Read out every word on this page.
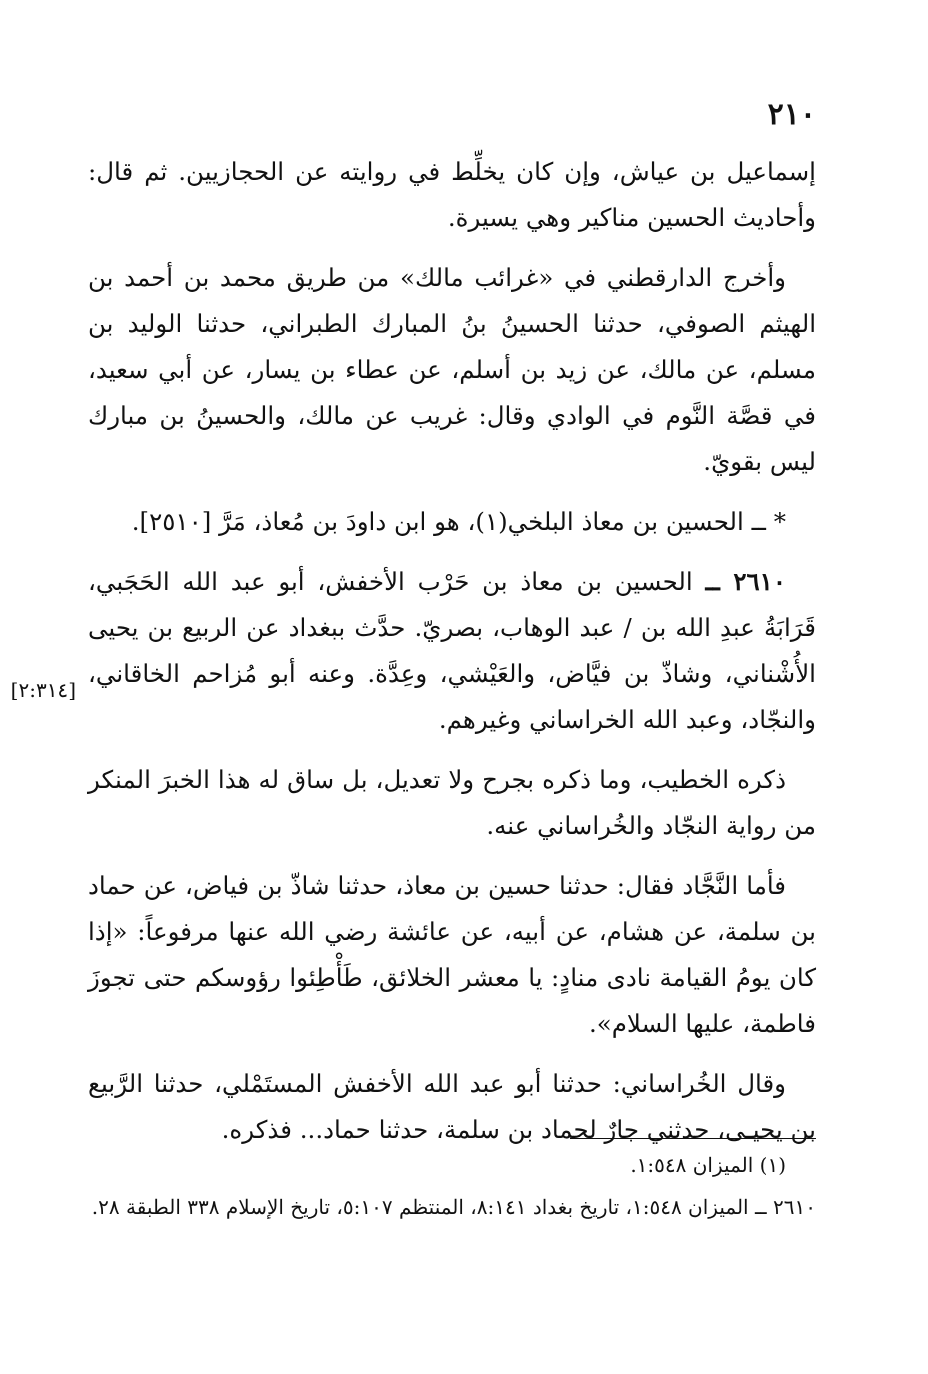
٢١٠

إسماعيل بن عياش، وإن كان يخلِّط في روايته عن الحجازيين. ثم قال: وأحاديث الحسين مناكير وهي يسيرة.

وأخرج الدارقطني في «غرائب مالك» من طريق محمد بن أحمد بن الهيثم الصوفي، حدثنا الحسينُ بنُ المبارك الطبراني، حدثنا الوليد بن مسلم، عن مالك، عن زيد بن أسلم، عن عطاء بن يسار، عن أبي سعيد، في قصَّة النَّوم في الوادي وقال: غريب عن مالك، والحسينُ بن مبارك ليس بقويّ.

* ــ الحسين بن معاذ البلخي(١)، هو ابن داودَ بن مُعاذ، مَرَّ [٢٥١٠].

٢٦١٠ ــ الحسين بن معاذ بن حَرْب الأخفش، أبو عبد الله الحَجَبي، قَرَابَةُ عبدِ الله بن / عبد الوهاب، بصريّ. حدَّث ببغداد عن الربيع بن يحيى الأُشْناني، وشاذّ بن فيَّاض، والعَيْشي، وعِدَّة. وعنه أبو مُزاحم الخاقاني، والنجّاد، وعبد الله الخراساني وغيرهم.

ذكره الخطيب، وما ذكره بجرح ولا تعديل، بل ساق له هذا الخبرَ المنكر من رواية النجّاد والخُراساني عنه.

فأما النَّجَّاد فقال: حدثنا حسين بن معاذ، حدثنا شاذّ بن فياض، عن حماد بن سلمة، عن هشام، عن أبيه، عن عائشة رضي الله عنها مرفوعاً: «إذا كان يومُ القيامة نادى منادٍ: يا معشر الخلائق، طَأْطِئوا رؤوسكم حتى تجوزَ فاطمة، عليها السلام».

وقال الخُراساني: حدثنا أبو عبد الله الأخفش المستَمْلي، حدثنا الرَّبيع بن يحيـى، حدثني جارٌ لحماد بن سلمة، حدثنا حماد... فذكره.

[٢:٣١٤]

(١) الميزان ١:٥٤٨.

٢٦١٠ ــ الميزان ١:٥٤٨، تاريخ بغداد ٨:١٤١، المنتظم ٥:١٠٧، تاريخ الإسلام ٣٣٨ الطبقة ٢٨.
